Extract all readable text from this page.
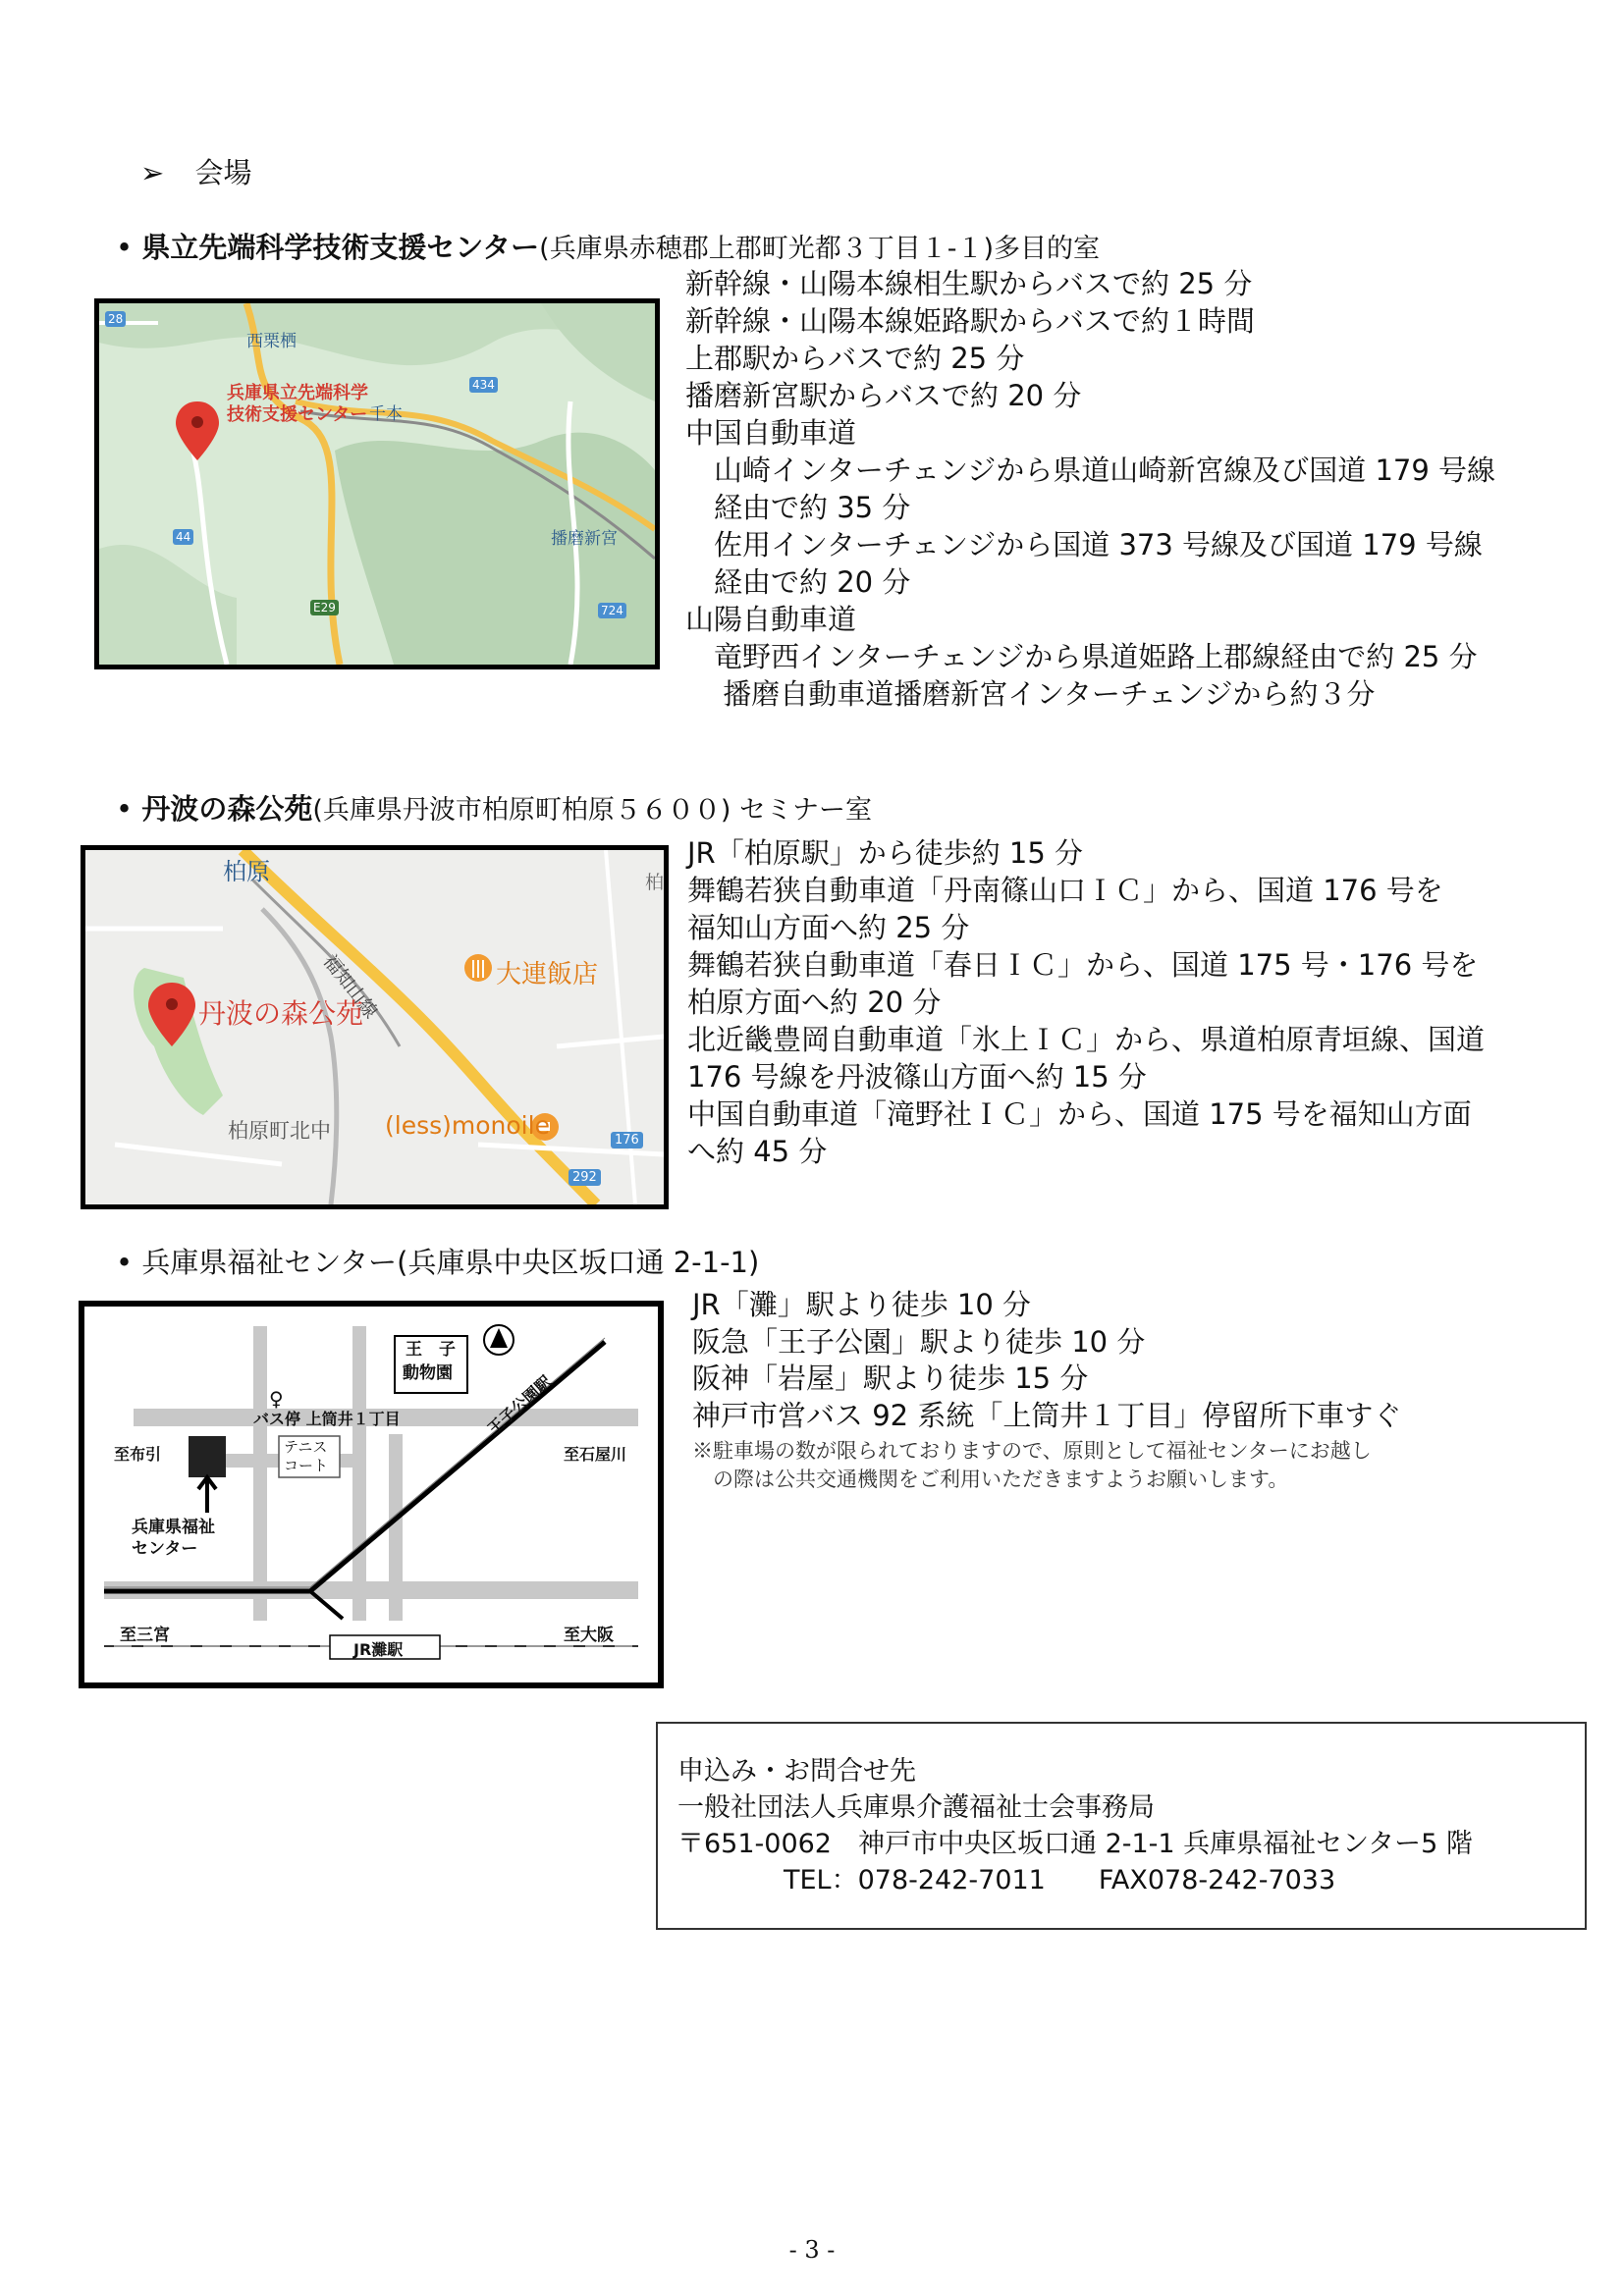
➢ 会場
• 県立先端科学技術支援センター(兵庫県赤穂郡上郡町光都３丁目１-１)多目的室
兵庫県立先端科学
技術支援センター
西栗栖
千本
播磨新宮
28
434
44
E29	724
新幹線・山陽本線相生駅からバスで約 25 分
新幹線・山陽本線姫路駅からバスで約１時間
上郡駅からバスで約 25 分
播磨新宮駅からバスで約 20 分
中国自動車道
　山崎インターチェンジから県道山崎新宮線及び国道 179 号線
　経由で約 35 分
　佐用インターチェンジから国道 373 号線及び国道 179 号線
　経由で約 20 分
山陽自動車道
　竜野西インターチェンジから県道姫路上郡線経由で約 25 分
　 播磨自動車道播磨新宮インターチェンジから約３分
• 丹波の森公苑(兵庫県丹波市柏原町柏原５６００) セミナー室
柏原
福知山線	大連飯店
丹波の森公苑
柏原町北中 (less)monoile
176
292
柏
JR「柏原駅」から徒歩約 15 分
舞鶴若狭自動車道「丹南篠山口ＩＣ」から、国道 176 号を
福知山方面へ約 25 分
舞鶴若狭自動車道「春日ＩＣ」から、国道 175 号・176 号を
柏原方面へ約 20 分
北近畿豊岡自動車道「氷上ＩＣ」から、県道柏原青垣線、国道
176 号線を丹波篠山方面へ約 15 分
中国自動車道「滝野社ＩＣ」から、国道 175 号を福知山方面
へ約 45 分
• 兵庫県福祉センター(兵庫県中央区坂口通 2-1-1)
王　子
動物園
♀
バス停 上筒井１丁目	王子公園駅
至布引	テニス
コート
至石屋川
兵庫県福祉
センター
至三宮	至大阪
JR灘駅
JR「灘」駅より徒歩 10 分
阪急「王子公園」駅より徒歩 10 分
阪神「岩屋」駅より徒歩 15 分
神戸市営バス 92 系統「上筒井１丁目」停留所下車すぐ
※駐車場の数が限られておりますので、原則として福祉センターにお越し
　の際は公共交通機関をご利用いただきますようお願いします。
申込み・お問合せ先
一般社団法人兵庫県介護福祉士会事務局
〒651-0062　神戸市中央区坂口通 2-1-1 兵庫県福祉センター5 階
　　　　TEL：078-242-7011　　FAX078-242-7033
- 3 -
